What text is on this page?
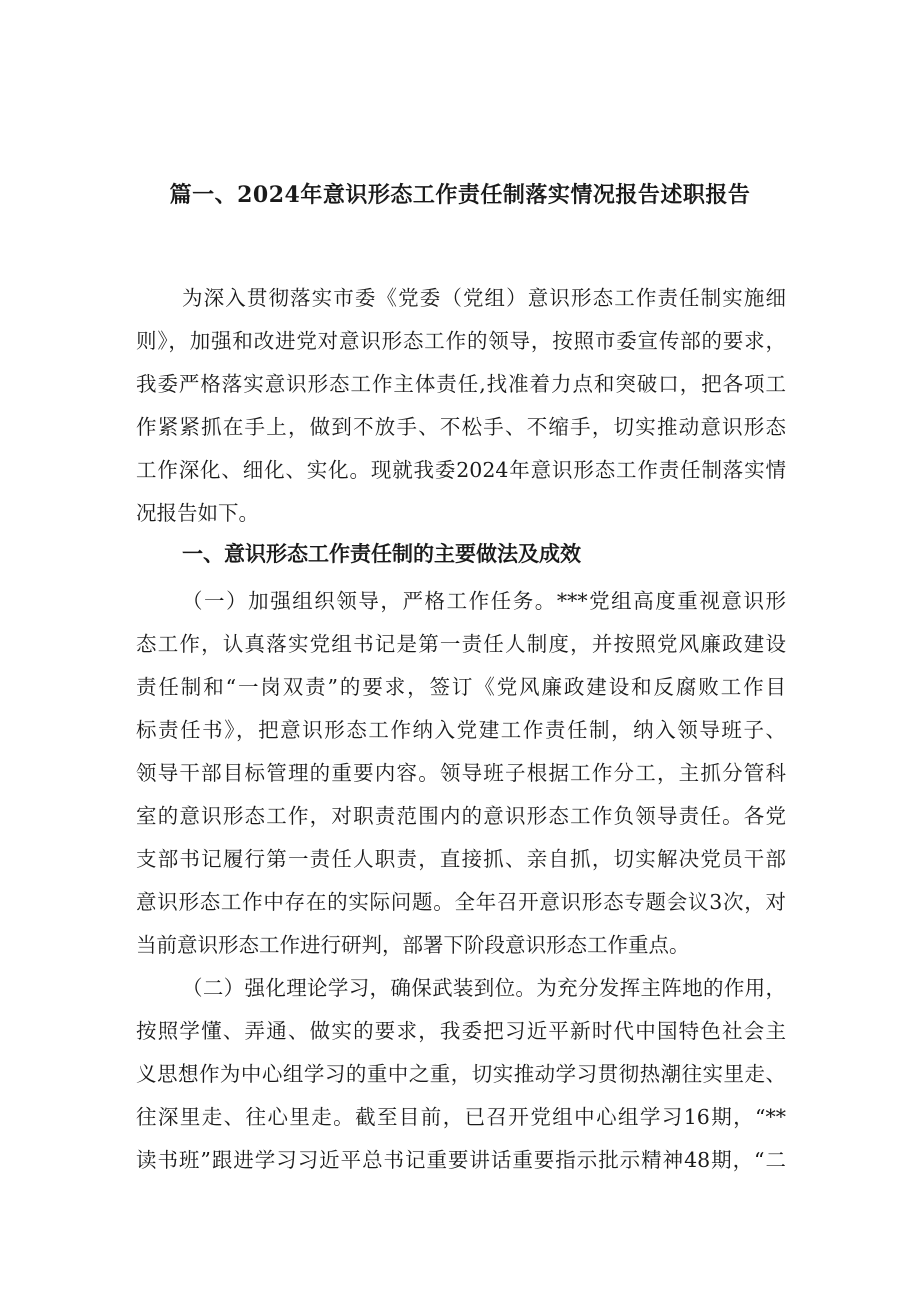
篇一、2024年意识形态工作责任制落实情况报告述职报告
为深入贯彻落实市委《党委（党组）意识形态工作责任制实施细
则》，加强和改进党对意识形态工作的领导，按照市委宣传部的要求，
我委严格落实意识形态工作主体责任,找准着力点和突破口，把各项工
作紧紧抓在手上，做到不放手、不松手、不缩手，切实推动意识形态
工作深化、细化、实化。现就我委2024年意识形态工作责任制落实情
况报告如下。
一、意识形态工作责任制的主要做法及成效
（一）加强组织领导，严格工作任务。***党组高度重视意识形
态工作，认真落实党组书记是第一责任人制度，并按照党风廉政建设
责任制和“一岗双责”的要求，签订《党风廉政建设和反腐败工作目
标责任书》，把意识形态工作纳入党建工作责任制，纳入领导班子、
领导干部目标管理的重要内容。领导班子根据工作分工，主抓分管科
室的意识形态工作，对职责范围内的意识形态工作负领导责任。各党
支部书记履行第一责任人职责，直接抓、亲自抓，切实解决党员干部
意识形态工作中存在的实际问题。全年召开意识形态专题会议3次，对
当前意识形态工作进行研判，部署下阶段意识形态工作重点。
（二）强化理论学习，确保武装到位。为充分发挥主阵地的作用，
按照学懂、弄通、做实的要求，我委把习近平新时代中国特色社会主
义思想作为中心组学习的重中之重，切实推动学习贯彻热潮往实里走、
往深里走、往心里走。截至目前，已召开党组中心组学习16期，“**
读书班”跟进学习习近平总书记重要讲话重要指示批示精神48期，“二
